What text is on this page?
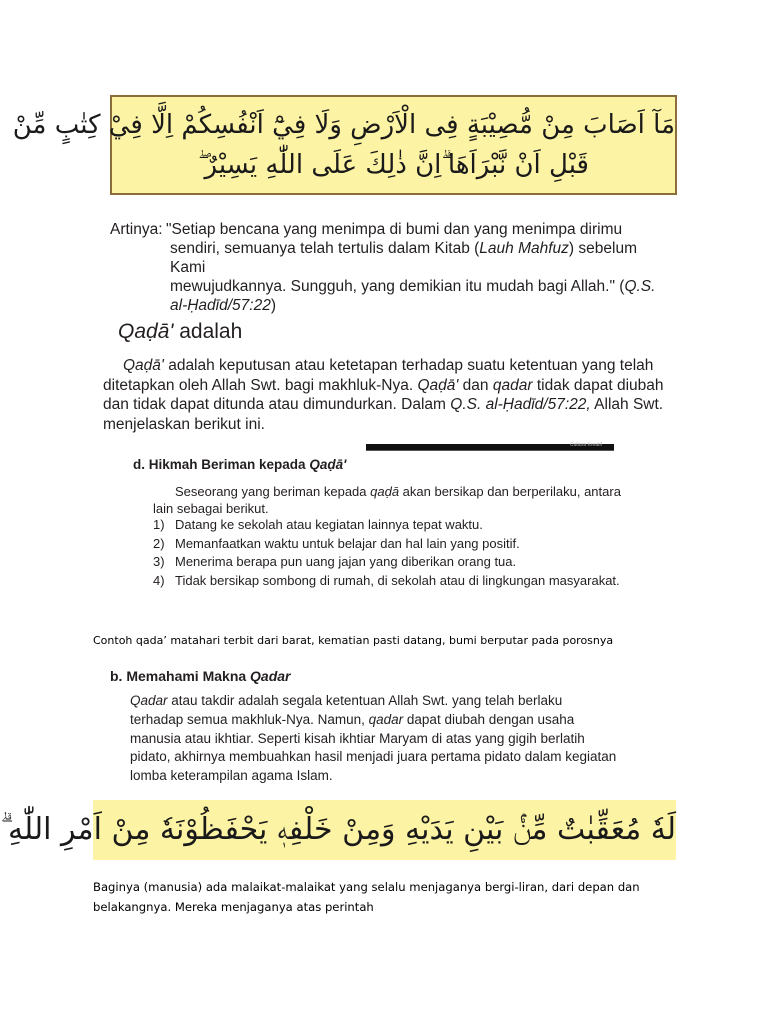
مَآ اَصَابَ مِنْ مُّصِيْبَةٍ فِى الْاَرْضِ وَلَا فِيْٓ اَنْفُسِكُمْ اِلَّا فِيْ كِتٰبٍ مِّنْ
قَبْلِ اَنْ نَّبْرَاَهَا ۗاِنَّ ذٰلِكَ عَلَى اللّٰهِ يَسِيْرٌ ۖ
Artinya: "Setiap bencana yang menimpa di bumi dan yang menimpa dirimu
sendiri, semuanya telah tertulis dalam Kitab (Lauh Mahfuz) sebelum Kami
mewujudkannya. Sungguh, yang demikian itu mudah bagi Allah." (Q.S.
al-Ḥadīd/57:22)
Qaḍā' adalah
Qaḍā' adalah keputusan atau ketetapan terhadap suatu ketentuan yang telah
ditetapkan oleh Allah Swt. bagi makhluk-Nya. Qaḍā' dan qadar tidak dapat diubah
dan tidak dapat ditunda atau dimundurkan. Dalam Q.S. al-Ḥadīd/57:22, Allah Swt.
menjelaskan berikut ini.
Cultura Kreatif
d. Hikmah Beriman kepada Qaḍā'
Seseorang yang beriman kepada qaḍā akan bersikap dan berperilaku, antara
lain sebagai berikut.
1) Datang ke sekolah atau kegiatan lainnya tepat waktu.
2) Memanfaatkan waktu untuk belajar dan hal lain yang positif.
3) Menerima berapa pun uang jajan yang diberikan orang tua.
4) Tidak bersikap sombong di rumah, di sekolah atau di lingkungan masyarakat.
Contoh qada’ matahari terbit dari barat, kematian pasti datang, bumi berputar pada porosnya
b. Memahami Makna Qadar
Qadar atau takdir adalah segala ketentuan Allah Swt. yang telah berlaku
terhadap semua makhluk-Nya. Namun, qadar dapat diubah dengan usaha
manusia atau ikhtiar. Seperti kisah ikhtiar Maryam di atas yang gigih berlatih
pidato, akhirnya membuahkan hasil menjadi juara pertama pidato dalam kegiatan
lomba keterampilan agama Islam.
لَهٗ مُعَقِّبٰتٌ مِّنْۢ بَيْنِ يَدَيْهِ وَمِنْ خَلْفِهٖ يَحْفَظُوْنَهٗ مِنْ اَمْرِ اللّٰهِ ۗ
Baginya (manusia) ada malaikat-malaikat yang selalu menjaganya bergi-liran, dari depan dan
belakangnya. Mereka menjaganya atas perintah
